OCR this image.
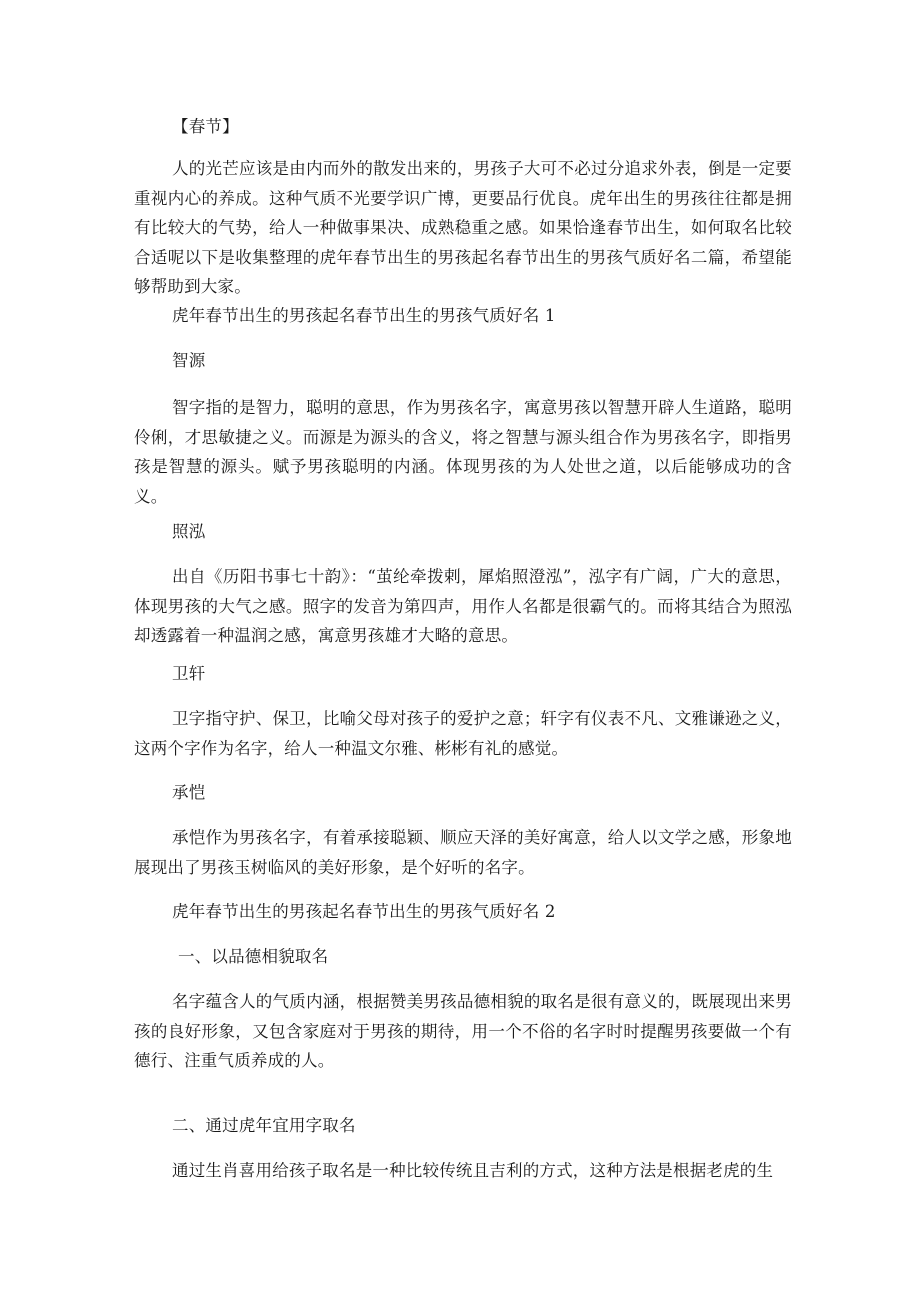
【春节】

人的光芒应该是由内而外的散发出来的，男孩子大可不必过分追求外表，倒是一定要重视内心的养成。这种气质不光要学识广博，更要品行优良。虎年出生的男孩往往都是拥有比较大的气势，给人一种做事果决、成熟稳重之感。如果恰逢春节出生，如何取名比较合适呢以下是收集整理的虎年春节出生的男孩起名春节出生的男孩气质好名二篇，希望能够帮助到大家。

虎年春节出生的男孩起名春节出生的男孩气质好名 1

智源

智字指的是智力，聪明的意思，作为男孩名字，寓意男孩以智慧开辟人生道路，聪明伶俐，才思敏捷之义。而源是为源头的含义，将之智慧与源头组合作为男孩名字，即指男孩是智慧的源头。赋予男孩聪明的内涵。体现男孩的为人处世之道，以后能够成功的含义。

照泓

出自《历阳书事七十韵》：“茧纶牵拨剌，犀焰照澄泓”，泓字有广阔，广大的意思，体现男孩的大气之感。照字的发音为第四声，用作人名都是很霸气的。而将其结合为照泓却透露着一种温润之感，寓意男孩雄才大略的意思。

卫轩

卫字指守护、保卫，比喻父母对孩子的爱护之意；轩字有仪表不凡、文雅谦逊之义，这两个字作为名字，给人一种温文尔雅、彬彬有礼的感觉。

承恺

承恺作为男孩名字，有着承接聪颖、顺应天泽的美好寓意，给人以文学之感，形象地展现出了男孩玉树临风的美好形象，是个好听的名字。

虎年春节出生的男孩起名春节出生的男孩气质好名 2

一、以品德相貌取名

名字蕴含人的气质内涵，根据赞美男孩品德相貌的取名是很有意义的，既展现出来男孩的良好形象，又包含家庭对于男孩的期待，用一个不俗的名字时时提醒男孩要做一个有德行、注重气质养成的人。

二、通过虎年宜用字取名

通过生肖喜用给孩子取名是一种比较传统且吉利的方式，这种方法是根据老虎的生
